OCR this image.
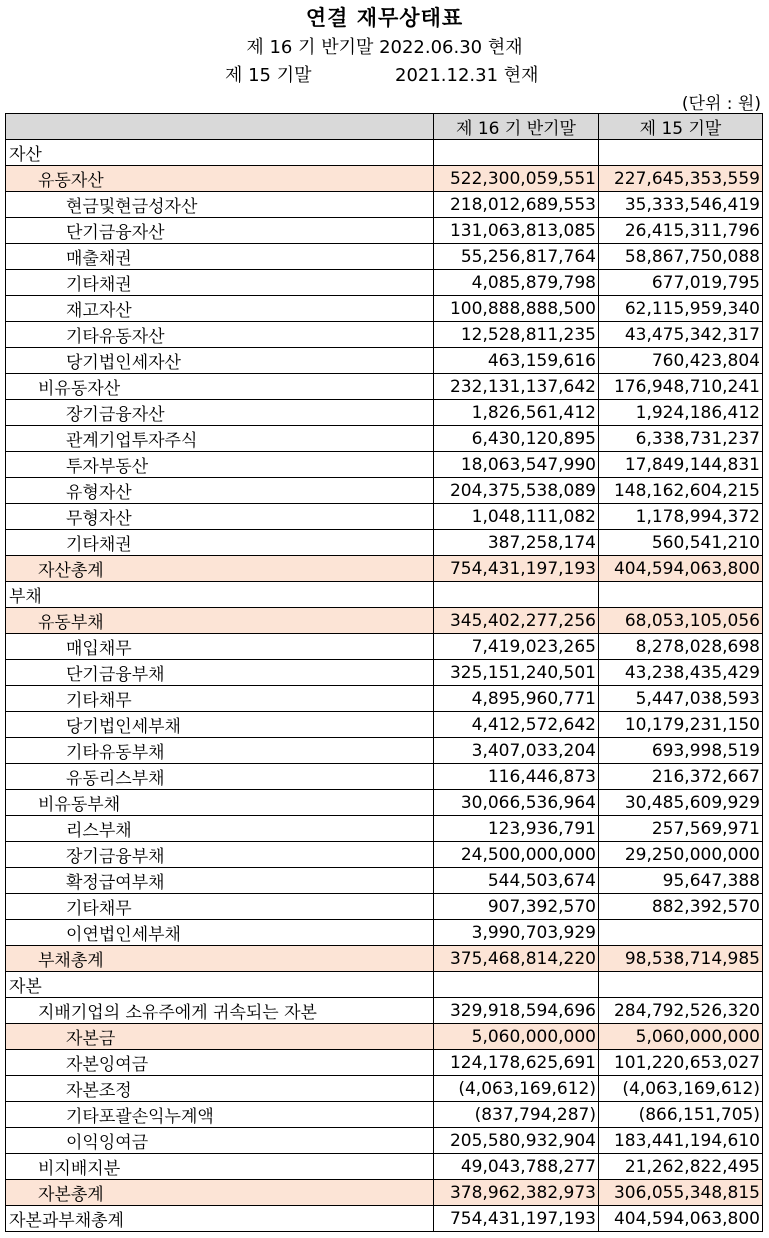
연결 재무상태표
제 16 기 반기말 2022.06.30 현재
제 15 기말	2021.12.31 현재
(단위 : 원)
	제 16 기 반기말	제 15 기말
자산		
유동자산	522,300,059,551	227,645,353,559
현금및현금성자산	218,012,689,553	35,333,546,419
단기금융자산	131,063,813,085	26,415,311,796
매출채권	55,256,817,764	58,867,750,088
기타채권	4,085,879,798	677,019,795
재고자산	100,888,888,500	62,115,959,340
기타유동자산	12,528,811,235	43,475,342,317
당기법인세자산	463,159,616	760,423,804
비유동자산	232,131,137,642	176,948,710,241
장기금융자산	1,826,561,412	1,924,186,412
관계기업투자주식	6,430,120,895	6,338,731,237
투자부동산	18,063,547,990	17,849,144,831
유형자산	204,375,538,089	148,162,604,215
무형자산	1,048,111,082	1,178,994,372
기타채권	387,258,174	560,541,210
자산총계	754,431,197,193	404,594,063,800
부채		
유동부채	345,402,277,256	68,053,105,056
매입채무	7,419,023,265	8,278,028,698
단기금융부채	325,151,240,501	43,238,435,429
기타채무	4,895,960,771	5,447,038,593
당기법인세부채	4,412,572,642	10,179,231,150
기타유동부채	3,407,033,204	693,998,519
유동리스부채	116,446,873	216,372,667
비유동부채	30,066,536,964	30,485,609,929
리스부채	123,936,791	257,569,971
장기금융부채	24,500,000,000	29,250,000,000
확정급여부채	544,503,674	95,647,388
기타채무	907,392,570	882,392,570
이연법인세부채	3,990,703,929	
부채총계	375,468,814,220	98,538,714,985
자본		
지배기업의 소유주에게 귀속되는 자본	329,918,594,696	284,792,526,320
자본금	5,060,000,000	5,060,000,000
자본잉여금	124,178,625,691	101,220,653,027
자본조정	(4,063,169,612)	(4,063,169,612)
기타포괄손익누계액	(837,794,287)	(866,151,705)
이익잉여금	205,580,932,904	183,441,194,610
비지배지분	49,043,788,277	21,262,822,495
자본총계	378,962,382,973	306,055,348,815
자본과부채총계	754,431,197,193	404,594,063,800
